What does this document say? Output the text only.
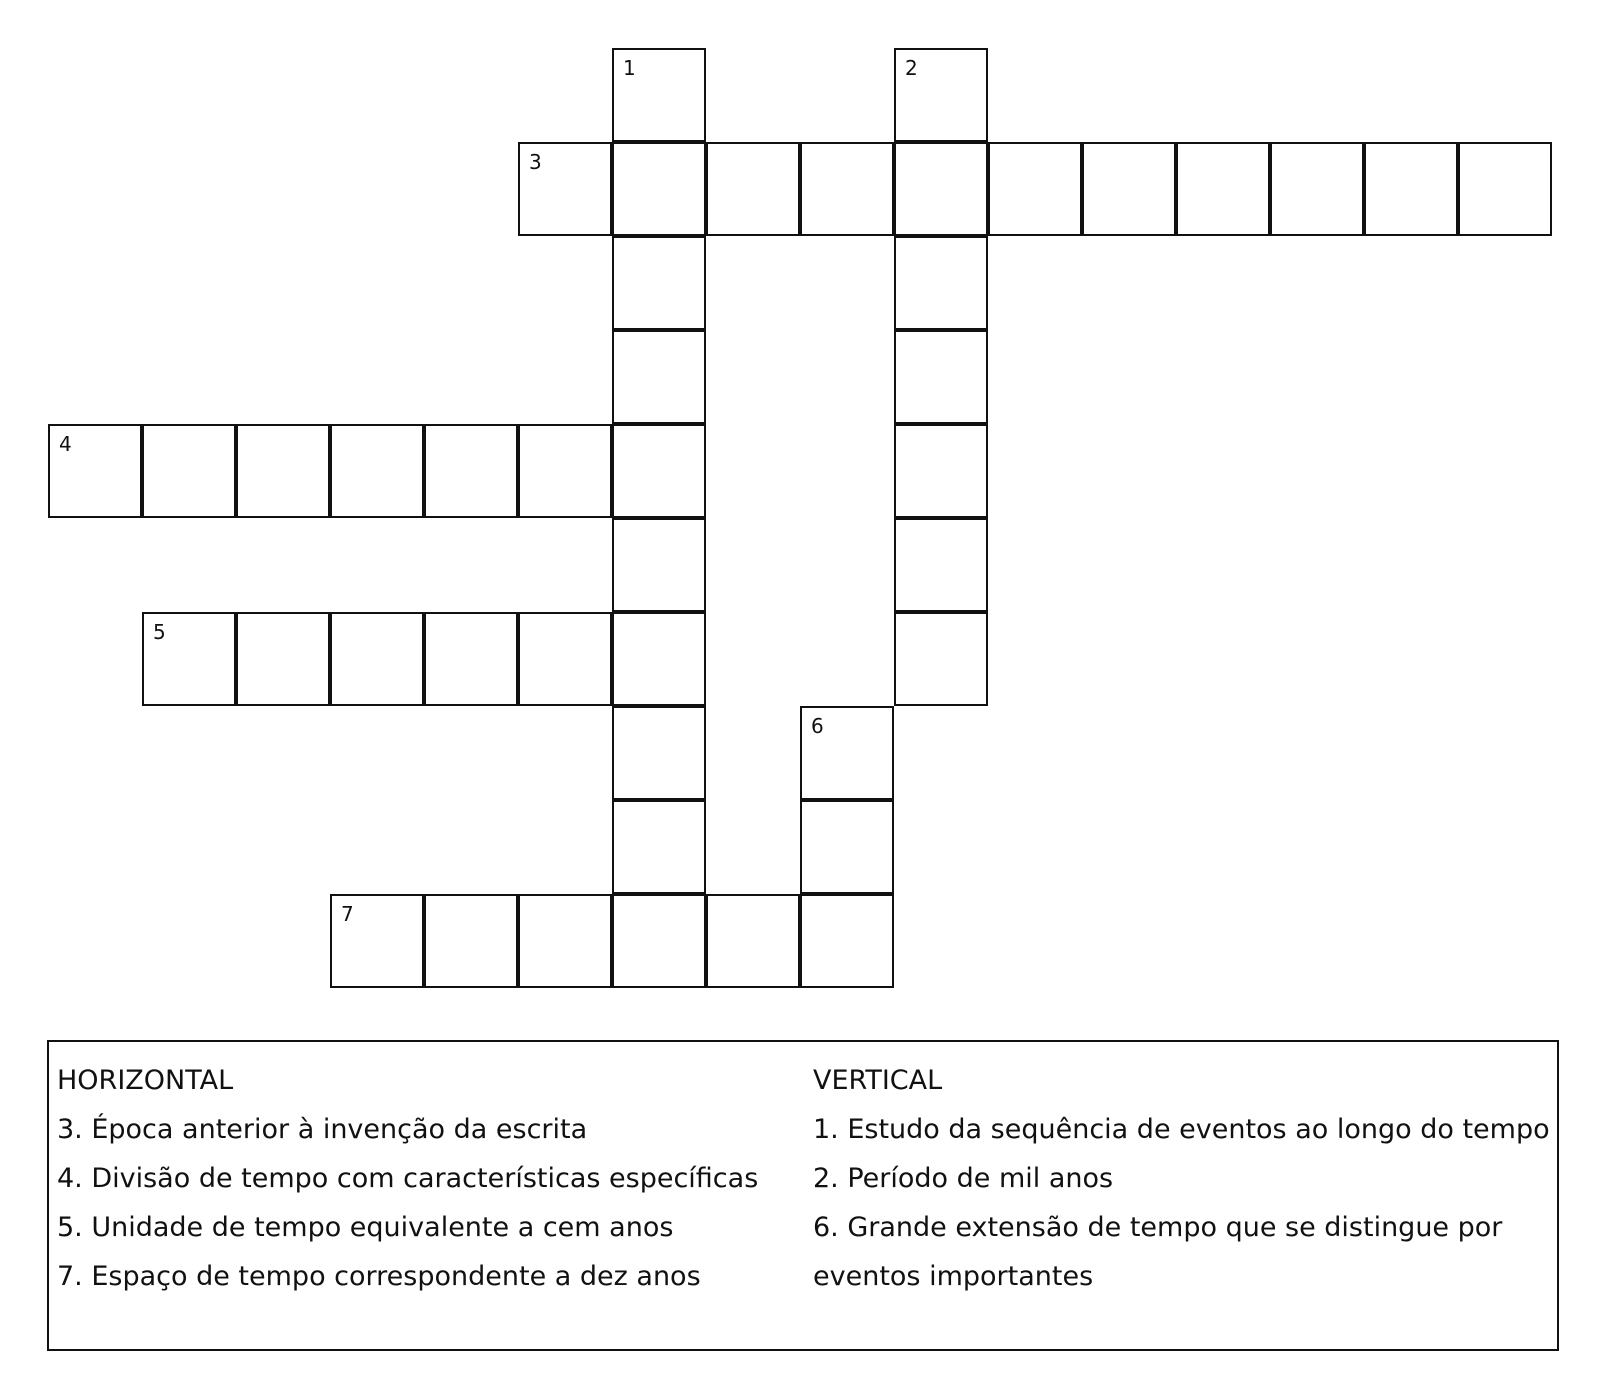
1	2
3
4
5
6
7
HORIZONTAL
3. Época anterior à invenção da escrita
4. Divisão de tempo com características específicas
5. Unidade de tempo equivalente a cem anos
7. Espaço de tempo correspondente a dez anos
VERTICAL
1. Estudo da sequência de eventos ao longo do tempo
2. Período de mil anos
6. Grande extensão de tempo que se distingue por eventos importantes
